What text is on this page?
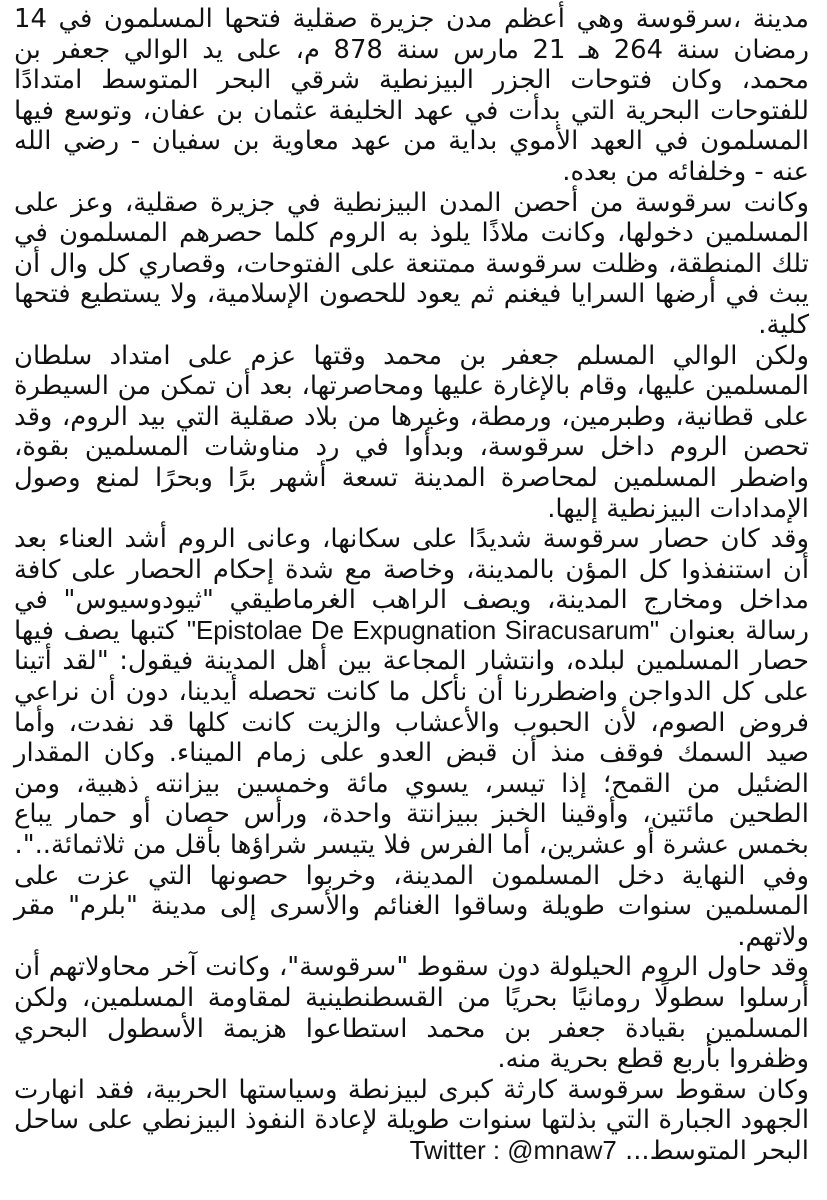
مدينة ،سرقوسة وهي أعظم مدن جزيرة صقلية فتحها المسلمون في 14 رمضان سنة 264 هـ 21 مارس سنة 878 م، على يد الوالي جعفر بن محمد، وكان فتوحات الجزر البيزنطية شرقي البحر المتوسط امتدادًا للفتوحات البحرية التي بدأت في عهد الخليفة عثمان بن عفان، وتوسع فيها المسلمون في العهد الأموي بداية من عهد معاوية بن سفيان - رضي الله عنه - وخلفائه من بعده.

وكانت سرقوسة من أحصن المدن البيزنطية في جزيرة صقلية، وعز على المسلمين دخولها، وكانت ملاذًا يلوذ به الروم كلما حصرهم المسلمون في تلك المنطقة، وظلت سرقوسة ممتنعة على الفتوحات، وقصاري كل وال أن يبث في أرضها السرايا فيغنم ثم يعود للحصون الإسلامية، ولا يستطيع فتحها كلية.

ولكن الوالي المسلم جعفر بن محمد وقتها عزم على امتداد سلطان المسلمين عليها، وقام بالإغارة عليها ومحاصرتها، بعد أن تمكن من السيطرة على قطانية، وطبرمين، ورمطة، وغيرها من بلاد صقلية التي بيد الروم، وقد تحصن الروم داخل سرقوسة، وبدأوا في رد مناوشات المسلمين بقوة، واضطر المسلمين لمحاصرة المدينة تسعة أشهر برًا وبحرًا لمنع وصول الإمدادات البيزنطية إليها.

وقد كان حصار سرقوسة شديدًا على سكانها، وعانى الروم أشد العناء بعد أن استنفذوا كل المؤن بالمدينة، وخاصة مع شدة إحكام الحصار على كافة مداخل ومخارج المدينة، ويصف الراهب الغرماطيقي "ثيودوسيوس" في رسالة بعنوان "Epistolae De Expugnation Siracusarum" كتبها يصف فيها حصار المسلمين لبلده، وانتشار المجاعة بين أهل المدينة فيقول: "لقد أتينا على كل الدواجن واضطررنا أن نأكل ما كانت تحصله أيدينا، دون أن نراعي فروض الصوم، لأن الحبوب والأعشاب والزيت كانت كلها قد نفدت، وأما صيد السمك فوقف منذ أن قبض العدو على زمام الميناء. وكان المقدار الضئيل من القمح؛ إذا تيسر، يسوي مائة وخمسين بيزانته ذهبية، ومن الطحين مائتين، وأوقينا الخبز ببيزانتة واحدة، ورأس حصان أو حمار يباع بخمس عشرة أو عشرين، أما الفرس فلا يتيسر شراؤها بأقل من ثلاثمائة..".

وفي النهاية دخل المسلمون المدينة، وخربوا حصونها التي عزت على المسلمين سنوات طويلة وساقوا الغنائم والأسرى إلى مدينة "بلرم" مقر ولاتهم.

وقد حاول الروم الحيلولة دون سقوط "سرقوسة"، وكانت آخر محاولاتهم أن أرسلوا سطولًا رومانيًا بحريًا من القسطنطينية لمقاومة المسلمين، ولكن المسلمين بقيادة جعفر بن محمد استطاعوا هزيمة الأسطول البحري وظفروا بأربع قطع بحرية منه.

وكان سقوط سرقوسة كارثة كبرى لبيزنطة وسياستها الحربية، فقد انهارت الجهود الجبارة التي بذلتها سنوات طويلة لإعادة النفوذ البيزنطي على ساحل البحر المتوسط... Twitter : @mnaw7
